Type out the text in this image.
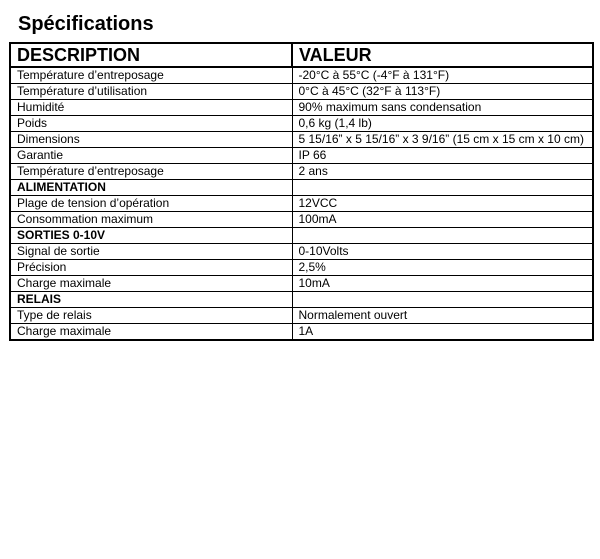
Spécifications
DESCRIPTION	VALEUR
Température d’entreposage	-20°C à 55°C (-4°F à 131°F)
Température d’utilisation	0°C à 45°C (32°F à 113°F)
Humidité	90% maximum sans condensation
Poids	0,6 kg (1,4 lb)
Dimensions	5 15/16” x 5 15/16” x 3 9/16” (15 cm x 15 cm x 10 cm)
Garantie	IP 66
Température d’entreposage	2 ans
ALIMENTATION	
Plage de tension d’opération	12VCC
Consommation maximum	100mA
SORTIES 0-10V	
Signal de sortie	0-10Volts
Précision	2,5%
Charge maximale	10mA
RELAIS	
Type de relais	Normalement ouvert
Charge maximale	1A
